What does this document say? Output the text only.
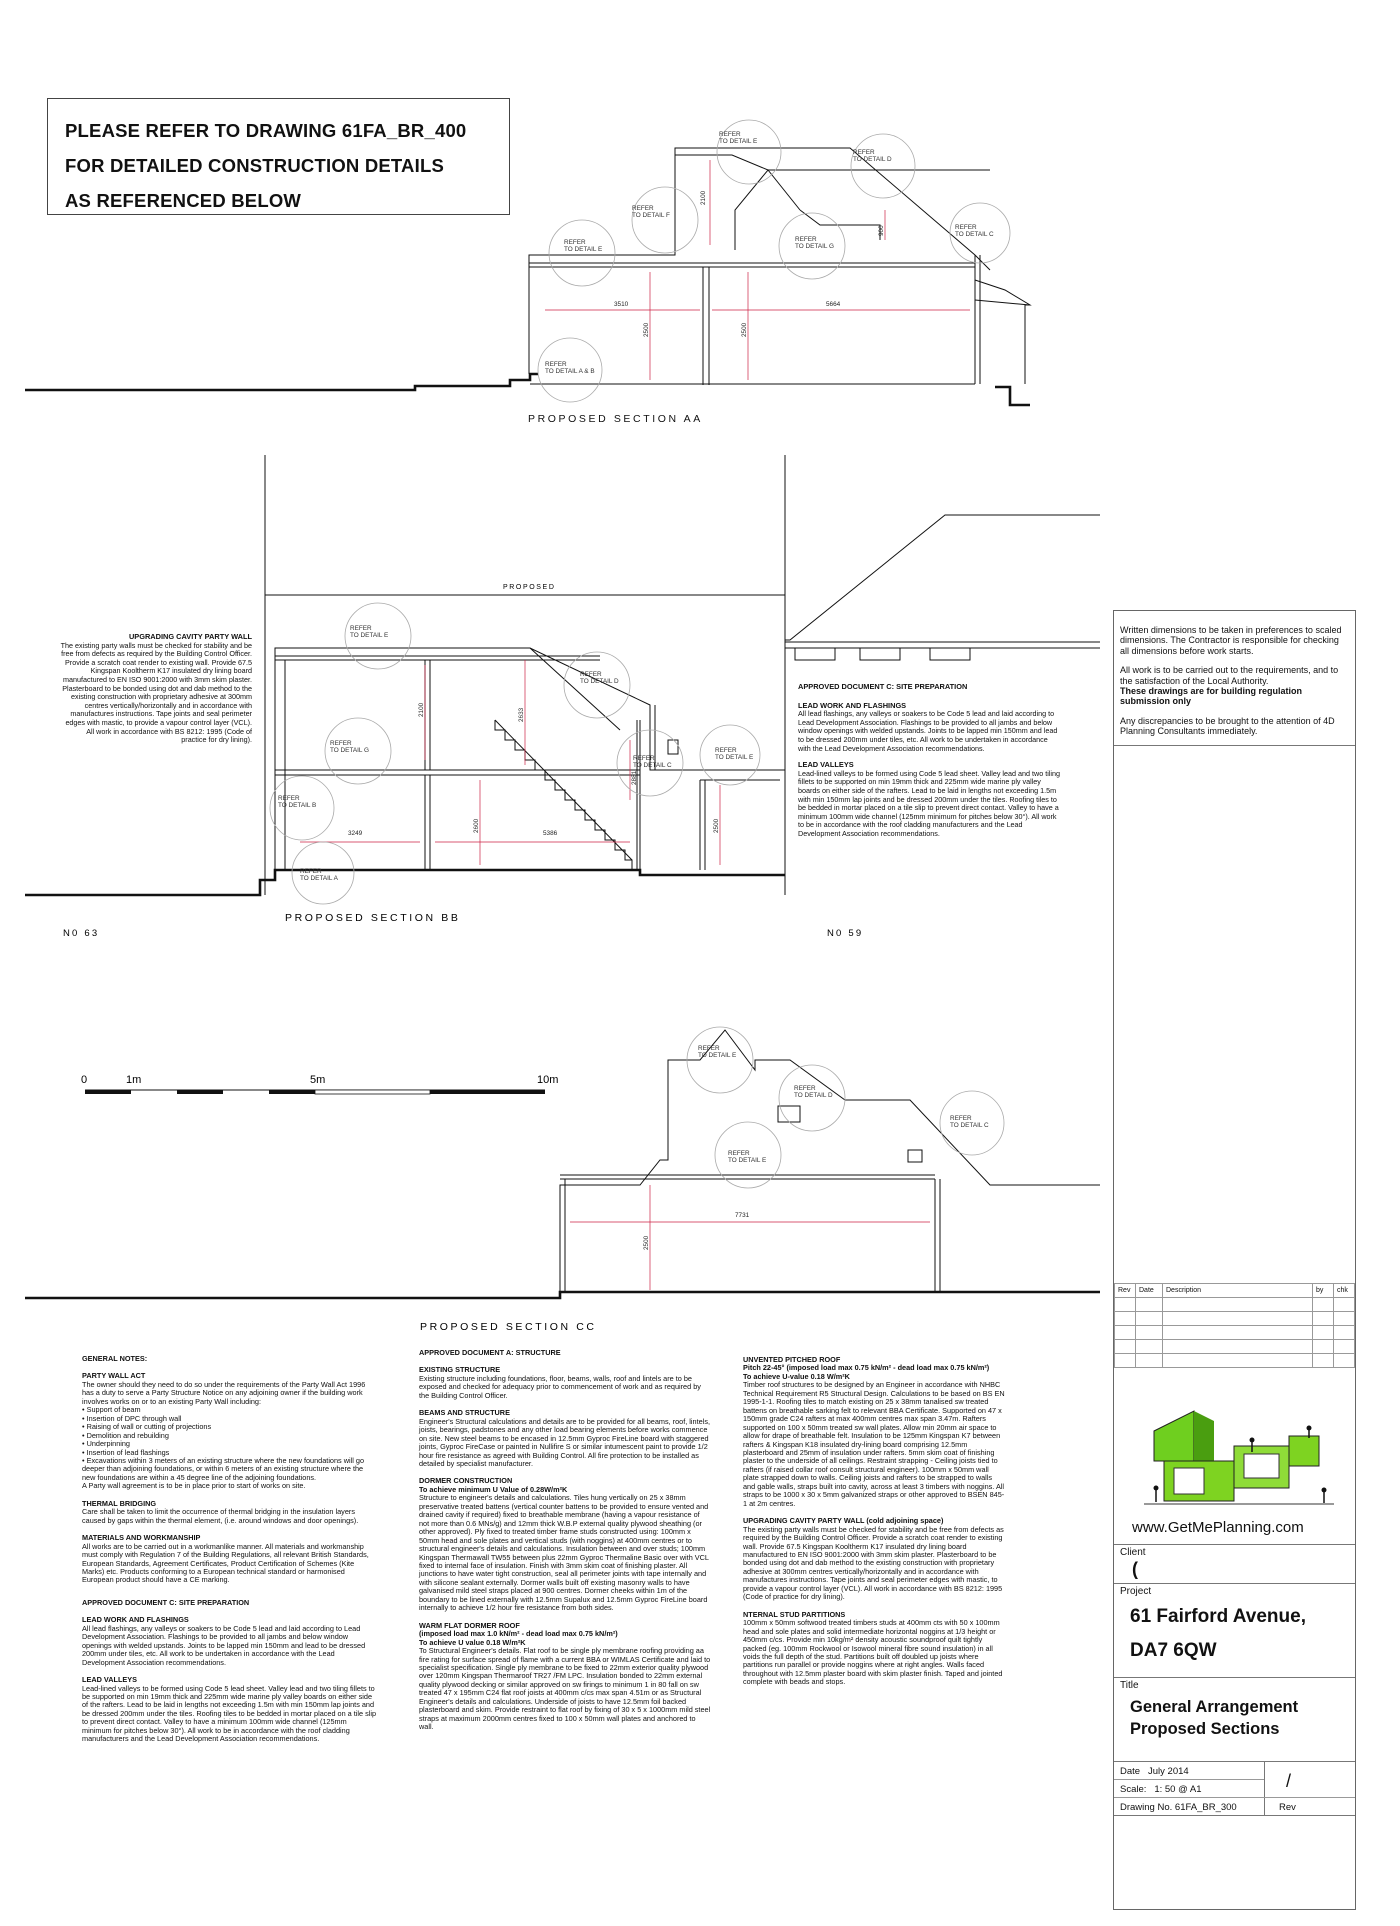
PLEASE REFER TO DRAWING 61FA_BR_400
FOR DETAILED CONSTRUCTION DETAILS
AS REFERENCED BELOW
3510	5664
2500	2500
2100
900
REFER TO DETAIL E
REFER TO DETAIL D
REFER TO DETAIL F
REFER TO DETAIL E
REFER TO DETAIL G
REFER TO DETAIL C
REFER TO DETAIL A & B
3249	5386
2100	2633
2881
2600	2500
PROPOSED
REFER TO DETAIL E
REFER TO DETAIL D
REFER TO DETAIL G
REFER TO DETAIL C
REFER TO DETAIL E
REFER TO DETAIL B
REFER TO DETAIL A
PROPOSED SECTION BB
N0 63	N0 59
7731
2500
REFER TO DETAIL E
REFER TO DETAIL D
REFER TO DETAIL C
REFER TO DETAIL E
PROPOSED SECTION CC
0	1m	5m	10m
PROPOSED SECTION AA
UPGRADING CAVITY PARTY WALL
The existing party walls must be checked for stability and be free from defects as required by the Building Control Officer. Provide a scratch coat render to existing wall. Provide 67.5 Kingspan Kooltherm K17 insulated dry lining board manufactured to EN ISO 9001:2000 with 3mm skim plaster. Plasterboard to be bonded using dot and dab method to the existing construction with proprietary adhesive at 300mm centres vertically/horizontally and in accordance with manufactures instructions. Tape joints and seal perimeter edges with mastic, to provide a vapour control layer (VCL). All work in accordance with BS 8212: 1995 (Code of practice for dry lining).
APPROVED DOCUMENT C: SITE PREPARATION
LEAD WORK AND FLASHINGS
All lead flashings, any valleys or soakers to be Code 5 lead and laid according to Lead Development Association. Flashings to be provided to all jambs and below window openings with welded upstands. Joints to be lapped min 150mm and lead to be dressed 200mm under tiles, etc. All work to be undertaken in accordance with the Lead Development Association recommendations.
LEAD VALLEYS
Lead-lined valleys to be formed using Code 5 lead sheet. Valley lead and two tiling fillets to be supported on min 19mm thick and 225mm wide marine ply valley boards on either side of the rafters. Lead to be laid in lengths not exceeding 1.5m with min 150mm lap joints and be dressed 200mm under the tiles. Roofing tiles to be bedded in mortar placed on a tile slip to prevent direct contact. Valley to have a minimum 100mm wide channel (125mm minimum for pitches below 30°). All work to be in accordance with the roof cladding manufacturers and the Lead Development Association recommendations.
GENERAL NOTES:
PARTY WALL ACT

The owner should they need to do so under the requirements of the Party Wall Act 1996 has a duty to serve a Party Structure Notice on any adjoining owner if the building work involves works on or to an existing Party Wall including:

• Support of beam

• Insertion of DPC through wall

• Raising of wall or cutting of projections

• Demolition and rebuilding

• Underpinning

• Insertion of lead flashings

• Excavations within 3 meters of an existing structure where the new foundations will go deeper than adjoining foundations, or within 6 meters of an existing structure where the new foundations are within a 45 degree line of the adjoining foundations.

A Party wall agreement is to be in place prior to start of works on site.

THERMAL BRIDGING

Care shall be taken to limit the occurrence of thermal bridging in the insulation layers caused by gaps within the thermal element, (i.e. around windows and door openings).

MATERIALS AND WORKMANSHIP

All works are to be carried out in a workmanlike manner. All materials and workmanship must comply with Regulation 7 of the Building Regulations, all relevant British Standards, European Standards, Agreement Certificates, Product Certification of Schemes (Kite Marks) etc. Products conforming to a European technical standard or harmonised European product should have a CE marking.

APPROVED DOCUMENT C: SITE PREPARATION
LEAD WORK AND FLASHINGS

All lead flashings, any valleys or soakers to be Code 5 lead and laid according to Lead Development Association. Flashings to be provided to all jambs and below window openings with welded upstands. Joints to be lapped min 150mm and lead to be dressed 200mm under tiles, etc. All work to be undertaken in accordance with the Lead Development Association recommendations.

LEAD VALLEYS

Lead-lined valleys to be formed using Code 5 lead sheet. Valley lead and two tiling fillets to be supported on min 19mm thick and 225mm wide marine ply valley boards on either side of the rafters. Lead to be laid in lengths not exceeding 1.5m with min 150mm lap joints and be dressed 200mm under the tiles. Roofing tiles to be bedded in mortar placed on a tile slip to prevent direct contact. Valley to have a minimum 100mm wide channel (125mm minimum for pitches below 30°). All work to be in accordance with the roof cladding manufacturers and the Lead Development Association recommendations.

APPROVED DOCUMENT A: STRUCTURE
EXISTING STRUCTURE

Existing structure including foundations, floor, beams, walls, roof and lintels are to be exposed and checked for adequacy prior to commencement of work and as required by the Building Control Officer.

BEAMS AND STRUCTURE

Engineer's Structural calculations and details are to be provided for all beams, roof, lintels, joists, bearings, padstones and any other load bearing elements before works commence on site. New steel beams to be encased in 12.5mm Gyproc FireLine board with staggered joints, Gyproc FireCase or painted in Nullifire S or similar intumescent paint to provide 1/2 hour fire resistance as agreed with Building Control. All fire protection to be installed as detailed by specialist manufacturer.

DORMER CONSTRUCTION
To achieve minimum U Value of 0.28W/m²K

Structure to engineer's details and calculations. Tiles hung vertically on 25 x 38mm preservative treated battens (vertical counter battens to be provided to ensure vented and drained cavity if required) fixed to breathable membrane (having a vapour resistance of not more than 0.6 MNs/g) and 12mm thick W.B.P external quality plywood sheathing (or other approved). Ply fixed to treated timber frame studs constructed using: 100mm x 50mm head and sole plates and vertical studs (with noggins) at 400mm centres or to structural engineer's details and calculations. Insulation between and over studs; 100mm Kingspan Thermawall TW55 between plus 22mm Gyproc Thermaline Basic over with VCL fixed to internal face of insulation. Finish with 3mm skim coat of finishing plaster. All junctions to have water tight construction, seal all perimeter joints with tape internally and with silicone sealant externally. Dormer walls built off existing masonry walls to have galvanised mild steel straps placed at 900 centres. Dormer cheeks within 1m of the boundary to be lined externally with 12.5mm Supalux and 12.5mm Gyproc FireLine board internally to achieve 1/2 hour fire resistance from both sides.

WARM FLAT DORMER ROOF
(imposed load max 1.0 kN/m² - dead load max 0.75 kN/m²)
To achieve U value 0.18 W/m²K

To Structural Engineer's details. Flat roof to be single ply membrane roofing providing aa fire rating for surface spread of flame with a current BBA or WIMLAS Certificate and laid to specialist specification. Single ply membrane to be fixed to 22mm exterior quality plywood over 120mm Kingspan Thermaroof TR27 /FM LPC. Insulation bonded to 22mm external quality plywood decking or similar approved on sw firings to minimum 1 in 80 fall on sw treated 47 x 195mm C24 flat roof joists at 400mm c/cs max span 4.51m or as Structural Engineer's details and calculations. Underside of joists to have 12.5mm foil backed plasterboard and skim. Provide restraint to flat roof by fixing of 30 x 5 x 1000mm mild steel straps at maximum 2000mm centres fixed to 100 x 50mm wall plates and anchored to wall.

UNVENTED PITCHED ROOF
Pitch 22-45° (imposed load max 0.75 kN/m² - dead load max 0.75 kN/m²)
To achieve U-value 0.18 W/m²K

Timber roof structures to be designed by an Engineer in accordance with NHBC Technical Requirement R5 Structural Design. Calculations to be based on BS EN 1995-1-1. Roofing tiles to match existing on 25 x 38mm tanalised sw treated battens on breathable sarking felt to relevant BBA Certificate. Supported on 47 x 150mm grade C24 rafters at max 400mm centres max span 3.47m. Rafters supported on 100 x 50mm treated sw wall plates. Allow min 20mm air space to allow for drape of breathable felt. Insulation to be 125mm Kingspan K7 between rafters & Kingspan K18 insulated dry-lining board comprising 12.5mm plasterboard and 25mm of insulation under rafters. 5mm skim coat of finishing plaster to the underside of all ceilings. Restraint strapping - Ceiling joists tied to rafters (if raised collar roof consult structural engineer). 100mm x 50mm wall plate strapped down to walls. Ceiling joists and rafters to be strapped to walls and gable walls, straps built into cavity, across at least 3 timbers with noggins. All straps to be 1000 x 30 x 5mm galvanized straps or other approved to BSEN 845-1 at 2m centres.

UPGRADING CAVITY PARTY WALL (cold adjoining space)

The existing party walls must be checked for stability and be free from defects as required by the Building Control Officer. Provide a scratch coat render to existing wall. Provide 67.5 Kingspan Kooltherm K17 insulated dry lining board manufactured to EN ISO 9001:2000 with 3mm skim plaster. Plasterboard to be bonded using dot and dab method to the existing construction with proprietary adhesive at 300mm centres vertically/horizontally and in accordance with manufactures instructions. Tape joints and seal perimeter edges with mastic, to provide a vapour control layer (VCL). All work in accordance with BS 8212: 1995 (Code of practice for dry lining).

NTERNAL STUD PARTITIONS

100mm x 50mm softwood treated timbers studs at 400mm cts with 50 x 100mm head and sole plates and solid intermediate horizontal noggins at 1/3 height or 450mm c/cs. Provide min 10kg/m² density acoustic soundproof quilt tightly packed (eg. 100mm Rockwool or Isowool mineral fibre sound insulation) in all voids the full depth of the stud. Partitions built off doubled up joists where partitions run parallel or provide noggins where at right angles. Walls faced throughout with 12.5mm plaster board with skim plaster finish. Taped and jointed complete with beads and stops.

Written dimensions to be taken in preferences to scaled dimensions. The Contractor is responsible for checking all dimensions before work starts.

All work is to be carried out to the requirements, and to the satisfaction of the Local Authority.

These drawings are for building regulation submission only

Any discrepancies to be brought to the attention of 4D Planning Consultants immediately.

Rev	Date	Description	by	chk

www.GetMePlanning.com
Client
(
Project
61 Fairford Avenue,
DA7 6QW
Title
General Arrangement
Proposed Sections
Date July 2014
Scale: 1: 50 @ A1
Drawing No. 61FA_BR_300
/
Rev
